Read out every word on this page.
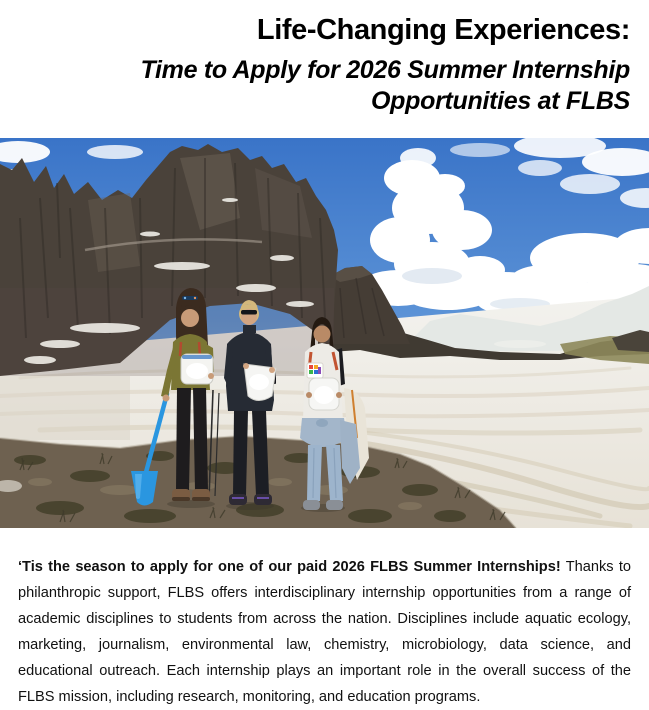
Life-Changing Experiences:
Time to Apply for 2026 Summer Internship
Opportunities at FLBS

‘Tis the season to apply for one of our paid 2026 FLBS Summer Internships! Thanks to philanthropic support, FLBS offers interdisciplinary internship opportunities from a range of academic disciplines to students from across the nation. Disciplines include aquatic ecology, marketing, journalism, environmental law, chemistry, microbiology, data science, and educational outreach. Each internship plays an important role in the overall success of the FLBS mission, including research, monitoring, and education programs.
